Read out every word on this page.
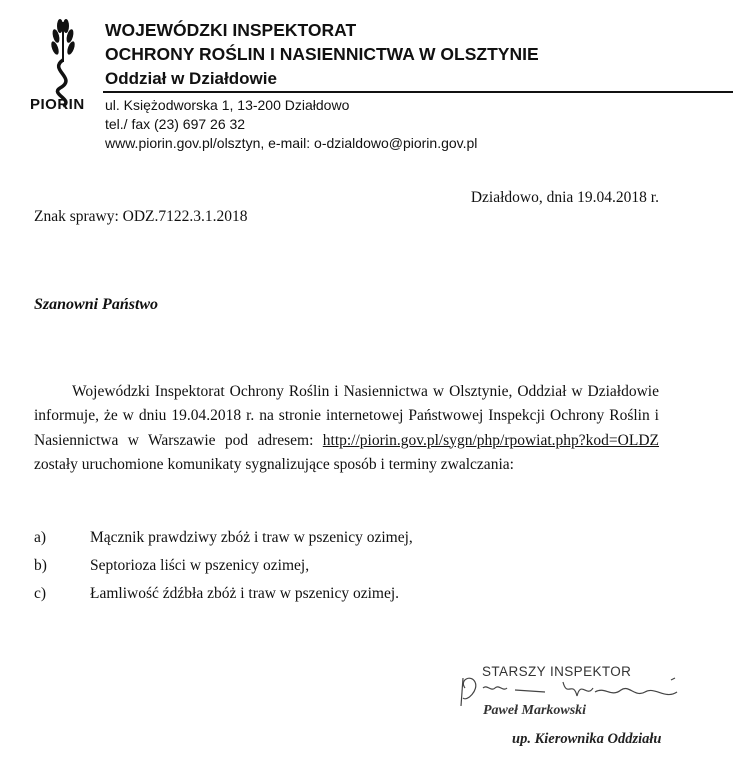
PIORIN
WOJEWÓDZKI INSPEKTORAT
OCHRONY ROŚLIN I NASIENNICTWA W OLSZTYNIE
Oddział w Działdowie
ul. Księżodworska 1, 13-200 Działdowo
tel./ fax (23) 697 26 32
www.piorin.gov.pl/olsztyn, e-mail: o-dzialdowo@piorin.gov.pl
Działdowo, dnia 19.04.2018 r.
Znak sprawy: ODZ.7122.3.1.2018
Szanowni Państwo

Wojewódzki Inspektorat Ochrony Roślin i Nasiennictwa w Olsztynie, Oddział w Działdowie informuje, że w dniu 19.04.2018 r. na stronie internetowej Państwowej Inspekcji Ochrony Roślin i Nasiennictwa w Warszawie pod adresem: http://piorin.gov.pl/sygn/php/rpowiat.php?kod=OLDZ zostały uruchomione komunikaty sygnalizujące sposób i terminy zwalczania:

a)	Mącznik prawdziwy zbóż i traw w pszenicy ozimej,
b)	Septorioza liści w pszenicy ozimej,
c)	Łamliwość źdźbła zbóż i traw w pszenicy ozimej.
STARSZY INSPEKTOR
Paweł Markowski
up. Kierownika Oddziału
